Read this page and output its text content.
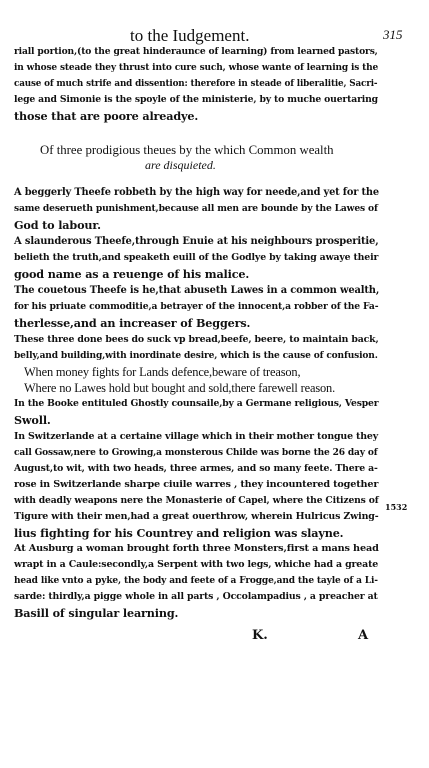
to the Iudgement.	315
riall portion,(to the great hinderaunce of learning) from learned pastors,
in whose steade they thrust into cure such, whose wante of learning is the
cause of much strife and dissention: therefore in steade of liberalitie, Sacri-
lege and Simonie is the spoyle of the ministerie, by to muche ouertaring
those that are poore alreadye.
A beggerly Theefe robbeth by the high way for neede,and yet for the
same deserueth punishment,because all men are bounde by the Lawes of
God to labour.
A slaunderous Theefe,through Enuie at his neighbours prosperitie,
belieth the truth,and speaketh euill of the Godlye by taking awaye their
good name as a reuenge of his malice.
The couetous Theefe is he,that abuseth Lawes in a common wealth,
for his priuate commoditie,a betrayer of the innocent,a robber of the Fa-
therlesse,and an increaser of Beggers.
These three done bees do suck vp bread,beefe, beere, to maintain back,
belly,and building,with inordinate desire, which is the cause of confusion.
When money fights for Lands defence,beware of treason,
Where no Lawes hold but bought and sold,there farewell reason.
In the Booke entituled Ghostly counsaile,by a Germane religious, Vesper
Swoll.
In Switzerlande at a certaine village which in their mother tongue they
call Gossaw,nere to Growing,a monsterous Childe was borne the 26 day of
August,to wit, with two heads, three armes, and so many feete. There a-
rose in Switzerlande sharpe ciuile warres , they incountered together
with deadly weapons nere the Monasterie of Capel, where the Citizens of
Tigure with their men,had a great ouerthrow, wherein Hulricus Zwing-
lius fighting for his Countrey and religion was slayne.
At Ausburg a woman brought forth three Monsters,first a mans head
wrapt in a Caule:secondly,a Serpent with two legs, whiche had a greate
head like vnto a pyke, the body and feete of a Frogge,and the tayle of a Li-
sarde: thirdly,a pigge whole in all parts , Occolampadius , a preacher at
Basill of singular learning.
Of three prodigious theues by the which Common wealth
are disquieted.
1532
K.	A
